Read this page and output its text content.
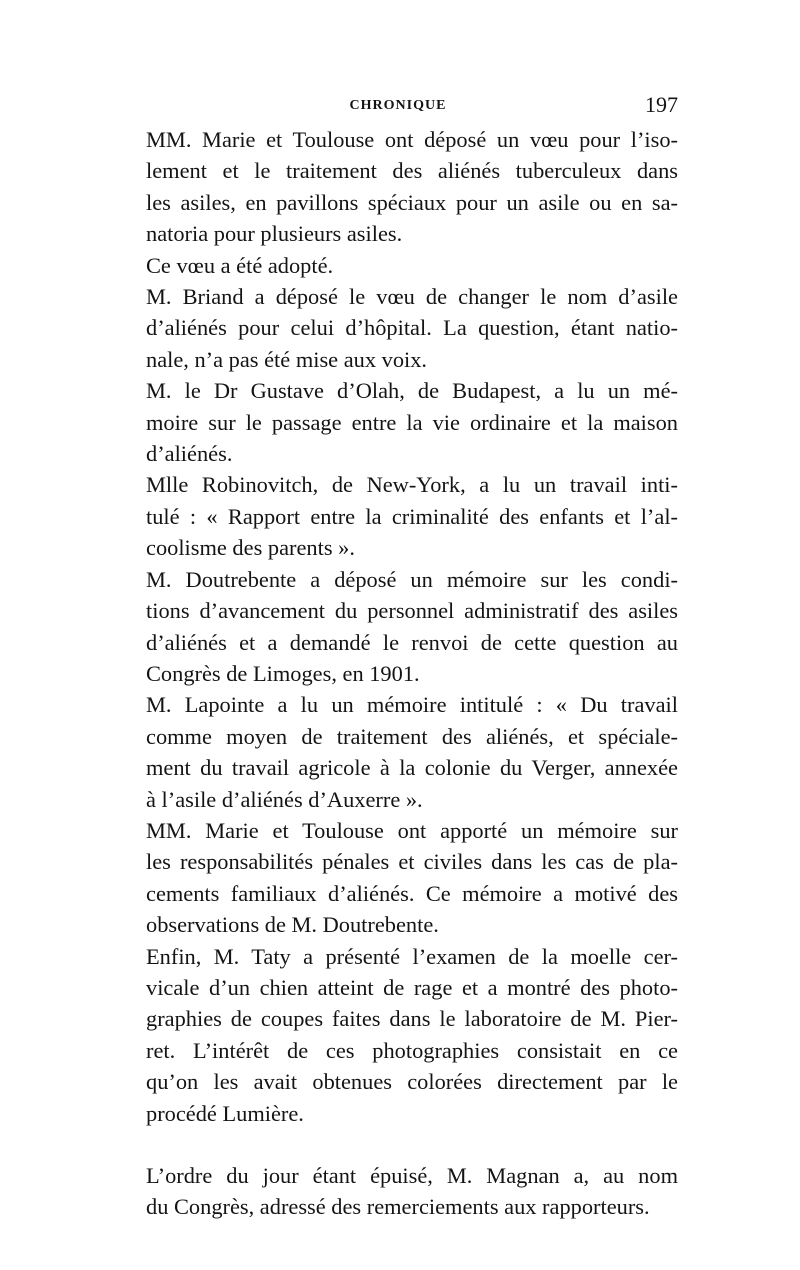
CHRONIQUE	197

MM. Marie et Toulouse ont déposé un vœu pour l’iso-
lement et le traitement des aliénés tuberculeux dans
les asiles, en pavillons spéciaux pour un asile ou en sa-
natoria pour plusieurs asiles.

Ce vœu a été adopté.

M. Briand a déposé le vœu de changer le nom d’asile
d’aliénés pour celui d’hôpital. La question, étant natio-
nale, n’a pas été mise aux voix.

M. le Dr Gustave d’Olah, de Budapest, a lu un mé-
moire sur le passage entre la vie ordinaire et la maison
d’aliénés.

Mlle Robinovitch, de New-York, a lu un travail inti-
tulé : « Rapport entre la criminalité des enfants et l’al-
coolisme des parents ».

M. Doutrebente a déposé un mémoire sur les condi-
tions d’avancement du personnel administratif des asiles
d’aliénés et a demandé le renvoi de cette question au
Congrès de Limoges, en 1901.

M. Lapointe a lu un mémoire intitulé : « Du travail
comme moyen de traitement des aliénés, et spéciale-
ment du travail agricole à la colonie du Verger, annexée
à l’asile d’aliénés d’Auxerre ».

MM. Marie et Toulouse ont apporté un mémoire sur
les responsabilités pénales et civiles dans les cas de pla-
cements familiaux d’aliénés. Ce mémoire a motivé des
observations de M. Doutrebente.

Enfin, M. Taty a présenté l’examen de la moelle cer-
vicale d’un chien atteint de rage et a montré des photo-
graphies de coupes faites dans le laboratoire de M. Pier-
ret. L’intérêt de ces photographies consistait en ce
qu’on les avait obtenues colorées directement par le
procédé Lumière.

L’ordre du jour étant épuisé, M. Magnan a, au nom
du Congrès, adressé des remerciements aux rapporteurs.
